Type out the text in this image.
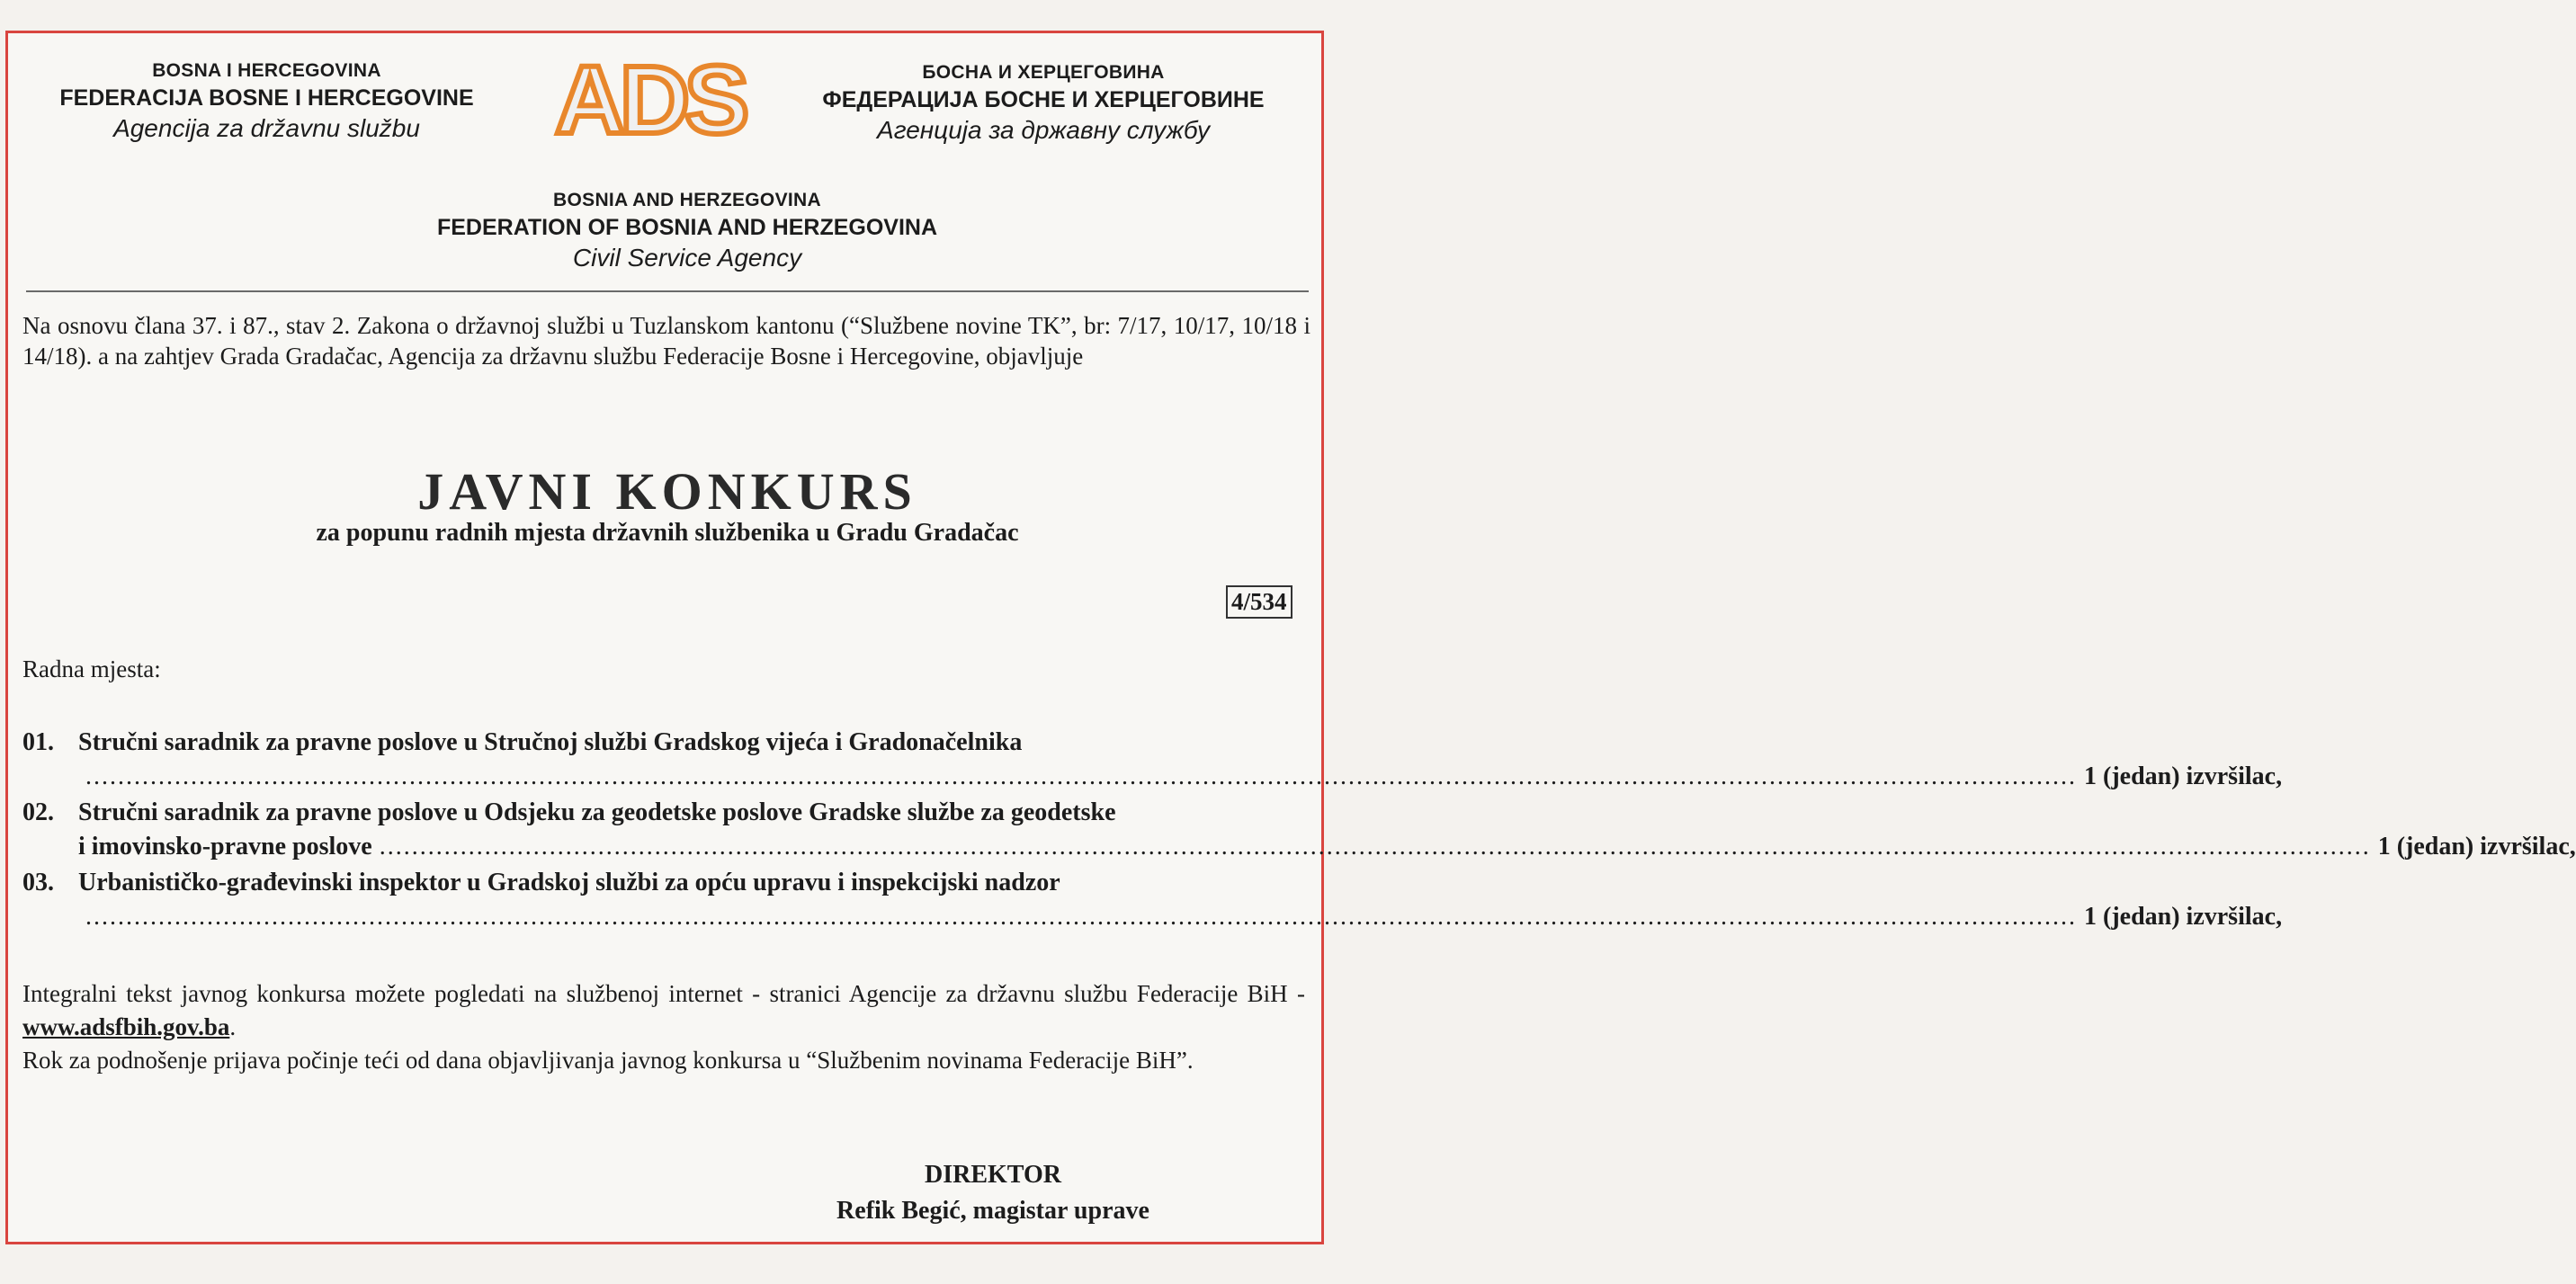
BOSNA I HERCEGOVINA
FEDERACIJA BOSNE I HERCEGOVINE
Agencija za državnu službu	ADS	БОСНА И ХЕРЦЕГОВИНА
ФЕДЕРАЦИЈА БОСНЕ И ХЕРЦЕГОВИНЕ
Агенција за државну службу
BOSNIA AND HERZEGOVINA
FEDERATION OF BOSNIA AND HERZEGOVINA
Civil Service Agency
Na osnovu člana 37. i 87., stav 2. Zakona o državnoj službi u Tuzlanskom kantonu (“Službene novine TK”, br: 7/17, 10/17, 10/18 i 14/18). a na zahtjev Grada Gradačac, Agencija za državnu službu Federacije Bosne i Hercegovine, objavljuje
JAVNI KONKURS
za popunu radnih mjesta državnih službenika u Gradu Gradačac
4/534
Radna mjesta:
01. Stručni saradnik za pravne poslove u Stručnoj službi Gradskog vijeća i Gradonačelnika
...................................................................................................................................................................................................................................................... 1 (jedan) izvršilac,
02. Stručni saradnik za pravne poslove u Odsjeku za geodetske poslove Gradske službe za geodetske
i imovinsko-pravne poslove ...................................................................................................................................................................................................................................................... 1 (jedan) izvršilac,
03. Urbanističko-građevinski inspektor u Gradskoj službi za opću upravu i inspekcijski nadzor
...................................................................................................................................................................................................................................................... 1 (jedan) izvršilac,
Integralni tekst javnog konkursa možete pogledati na službenoj internet - stranici Agencije za državnu službu Federacije BiH - www.adsfbih.gov.ba.
Rok za podnošenje prijava počinje teći od dana objavljivanja javnog konkursa u “Službenim novinama Federacije BiH”.
DIREKTOR
Refik Begić, magistar uprave
